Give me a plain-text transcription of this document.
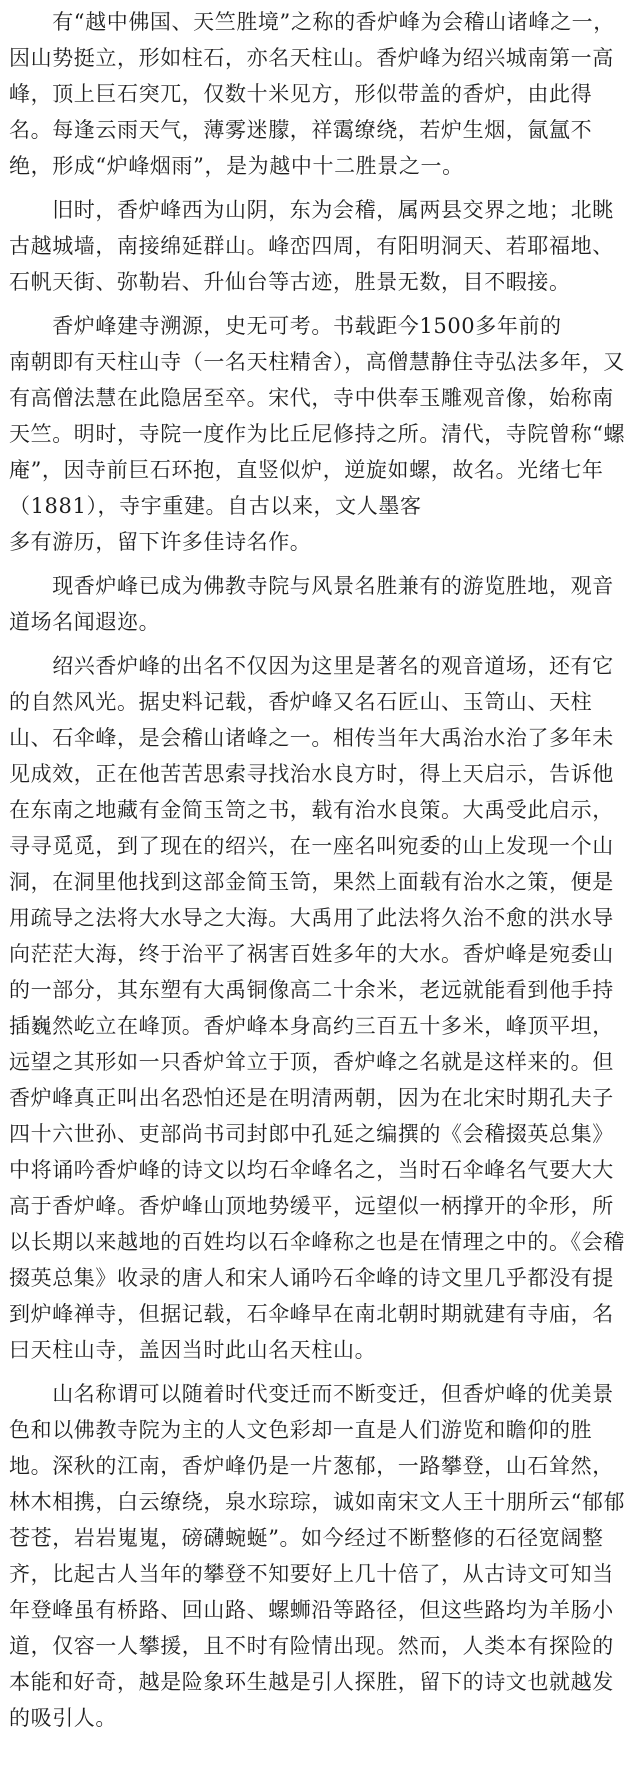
　　有“越中佛国、天竺胜境”之称的香炉峰为会稽山诸峰之一，因山势挺立，形如柱石，亦名天柱山。香炉峰为绍兴城南第一高峰，顶上巨石突兀，仅数十米见方，形似带盖的香炉，由此得名。每逢云雨天气，薄雾迷朦，祥霭缭绕，若炉生烟，氤氲不绝，形成“炉峰烟雨”，是为越中十二胜景之一。

　　旧时，香炉峰西为山阴，东为会稽，属两县交界之地；北眺古越城墙，南接绵延群山。峰峦四周，有阳明洞天、若耶福地、石帆天街、弥勒岩、升仙台等古迹，胜景无数，目不暇接。

　　香炉峰建寺溯源，史无可考。书载距今1500多年前的
南朝即有天柱山寺（一名天柱精舍），高僧慧静住寺弘法多年，又有高僧法慧在此隐居至卒。宋代，寺中供奉玉雕观音像，始称南天竺。明时，寺院一度作为比丘尼修持之所。清代，寺院曾称“螺庵”，因寺前巨石环抱，直竖似炉，逆旋如螺，故名。光绪七年（1881），寺宇重建。自古以来，文人墨客
多有游历，留下许多佳诗名作。

　　现香炉峰已成为佛教寺院与风景名胜兼有的游览胜地，观音道场名闻遐迩。

　　绍兴香炉峰的出名不仅因为这里是著名的观音道场，还有它的自然风光。据史料记载，香炉峰又名石匠山、玉笥山、天柱山、石伞峰，是会稽山诸峰之一。相传当年大禹治水治了多年未见成效，正在他苦苦思索寻找治水良方时，得上天启示，告诉他在东南之地藏有金简玉笥之书，载有治水良策。大禹受此启示，寻寻觅觅，到了现在的绍兴，在一座名叫宛委的山上发现一个山洞，在洞里他找到这部金简玉笥，果然上面载有治水之策，便是用疏导之法将大水导之大海。大禹用了此法将久治不愈的洪水导向茫茫大海，终于治平了祸害百姓多年的大水。香炉峰是宛委山的一部分，其东塑有大禹铜像高二十余米，老远就能看到他手持插巍然屹立在峰顶。香炉峰本身高约三百五十多米，峰顶平坦，远望之其形如一只香炉耸立于顶，香炉峰之名就是这样来的。但香炉峰真正叫出名恐怕还是在明清两朝，因为在北宋时期孔夫子四十六世孙、吏部尚书司封郎中孔延之编撰的《会稽掇英总集》中将诵吟香炉峰的诗文以均石伞峰名之，当时石伞峰名气要大大高于香炉峰。香炉峰山顶地势缓平，远望似一柄撑开的伞形，所以长期以来越地的百姓均以石伞峰称之也是在情理之中的。《会稽掇英总集》收录的唐人和宋人诵吟石伞峰的诗文里几乎都没有提到炉峰禅寺，但据记载，石伞峰早在南北朝时期就建有寺庙，名曰天柱山寺，盖因当时此山名天柱山。

　　山名称谓可以随着时代变迁而不断变迁，但香炉峰的优美景色和以佛教寺院为主的人文色彩却一直是人们游览和瞻仰的胜地。深秋的江南，香炉峰仍是一片葱郁，一路攀登，山石耸然，林木相携，白云缭绕，泉水琮琮，诚如南宋文人王十朋所云“郁郁苍苍，岩岩嵬嵬，磅礴蜿蜒”。如今经过不断整修的石径宽阔整齐，比起古人当年的攀登不知要好上几十倍了，从古诗文可知当年登峰虽有桥路、回山路、螺蛳沿等路径，但这些路均为羊肠小道，仅容一人攀援，且不时有险情出现。然而，人类本有探险的本能和好奇，越是险象环生越是引人探胜，留下的诗文也就越发的吸引人。
